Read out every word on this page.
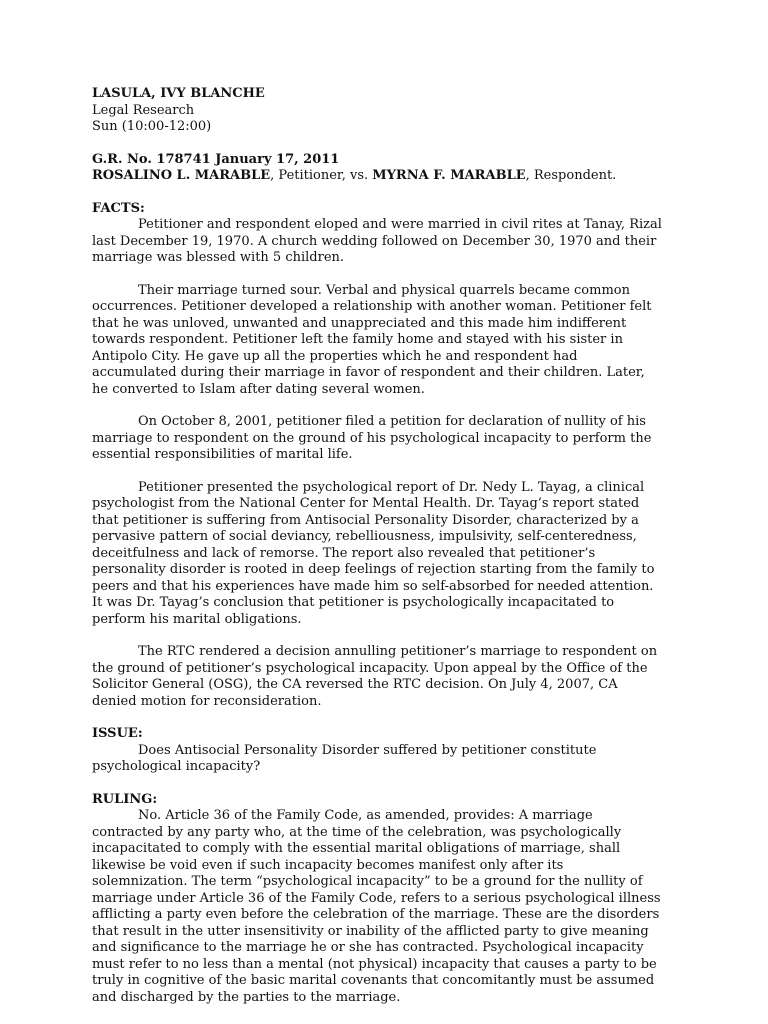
LASULA, IVY BLANCHE

Legal Research

Sun (10:00-12:00)

G.R. No. 178741 January 17, 2011

ROSALINO L. MARABLE, Petitioner, vs. MYRNA F. MARABLE, Respondent.

FACTS:

Petitioner and respondent eloped and were married in civil rites at Tanay, Rizal last December 19, 1970. A church wedding followed on December 30, 1970 and their marriage was blessed with 5 children.

Their marriage turned sour. Verbal and physical quarrels became common occurrences. Petitioner developed a relationship with another woman. Petitioner felt that he was unloved, unwanted and unappreciated and this made him indifferent towards respondent. Petitioner left the family home and stayed with his sister in Antipolo City. He gave up all the properties which he and respondent had accumulated during their marriage in favor of respondent and their children. Later, he converted to Islam after dating several women.

On October 8, 2001, petitioner filed a petition for declaration of nullity of his marriage to respondent on the ground of his psychological incapacity to perform the essential responsibilities of marital life.

Petitioner presented the psychological report of Dr. Nedy L. Tayag, a clinical psychologist from the National Center for Mental Health. Dr. Tayag’s report stated that petitioner is suffering from Antisocial Personality Disorder, characterized by a pervasive pattern of social deviancy, rebelliousness, impulsivity, self-centeredness, deceitfulness and lack of remorse. The report also revealed that petitioner’s personality disorder is rooted in deep feelings of rejection starting from the family to peers and that his experiences have made him so self-absorbed for needed attention. It was Dr. Tayag’s conclusion that petitioner is psychologically incapacitated to perform his marital obligations.

The RTC rendered a decision annulling petitioner’s marriage to respondent on the ground of petitioner’s psychological incapacity. Upon appeal by the Office of the Solicitor General (OSG), the CA reversed the RTC decision. On July 4, 2007, CA denied motion for reconsideration.

ISSUE:

Does Antisocial Personality Disorder suffered by petitioner constitute psychological incapacity?

RULING:

No. Article 36 of the Family Code, as amended, provides: A marriage contracted by any party who, at the time of the celebration, was psychologically incapacitated to comply with the essential marital obligations of marriage, shall likewise be void even if such incapacity becomes manifest only after its solemnization. The term “psychological incapacity” to be a ground for the nullity of marriage under Article 36 of the Family Code, refers to a serious psychological illness afflicting a party even before the celebration of the marriage. These are the disorders that result in the utter insensitivity or inability of the afflicted party to give meaning and significance to the marriage he or she has contracted. Psychological incapacity must refer to no less than a mental (not physical) incapacity that causes a party to be truly in cognitive of the basic marital covenants that concomitantly must be assumed and discharged by the parties to the marriage.
